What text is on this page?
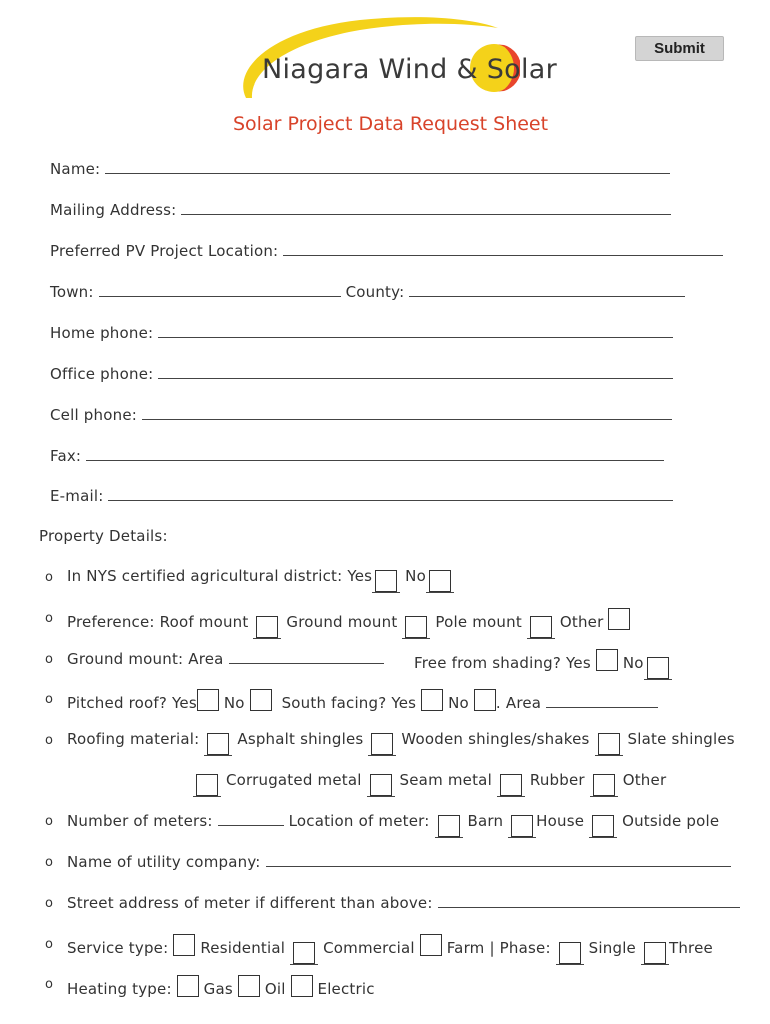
Niagara Wind & Solar
Submit
Solar Project Data Request Sheet
Name:
Mailing Address:
Preferred PV Project Location:
Town:	County:
Home phone:
Office phone:
Cell phone:
Fax:
E-mail:
Property Details:
o
o
o
o
o
o
o
o
o
o
In NYS certified agricultural district: Yes No
Preference: Roof mount	Ground mount	Pole mount	Other
Ground mount: Area	Free from shading? Yes No
Pitched roof? Yes No South facing? Yes No . Area
Roofing material:	Asphalt shingles	Wooden shingles/shakes	Slate shingles
Corrugated metal	Seam metal	Rubber	Other
Number of meters:	Location of meter:	Barn House	Outside pole
Name of utility company:
Street address of meter if different than above:
Service type: Residential	Commercial Farm | Phase:	Single Three
Heating type: Gas Oil Electric
